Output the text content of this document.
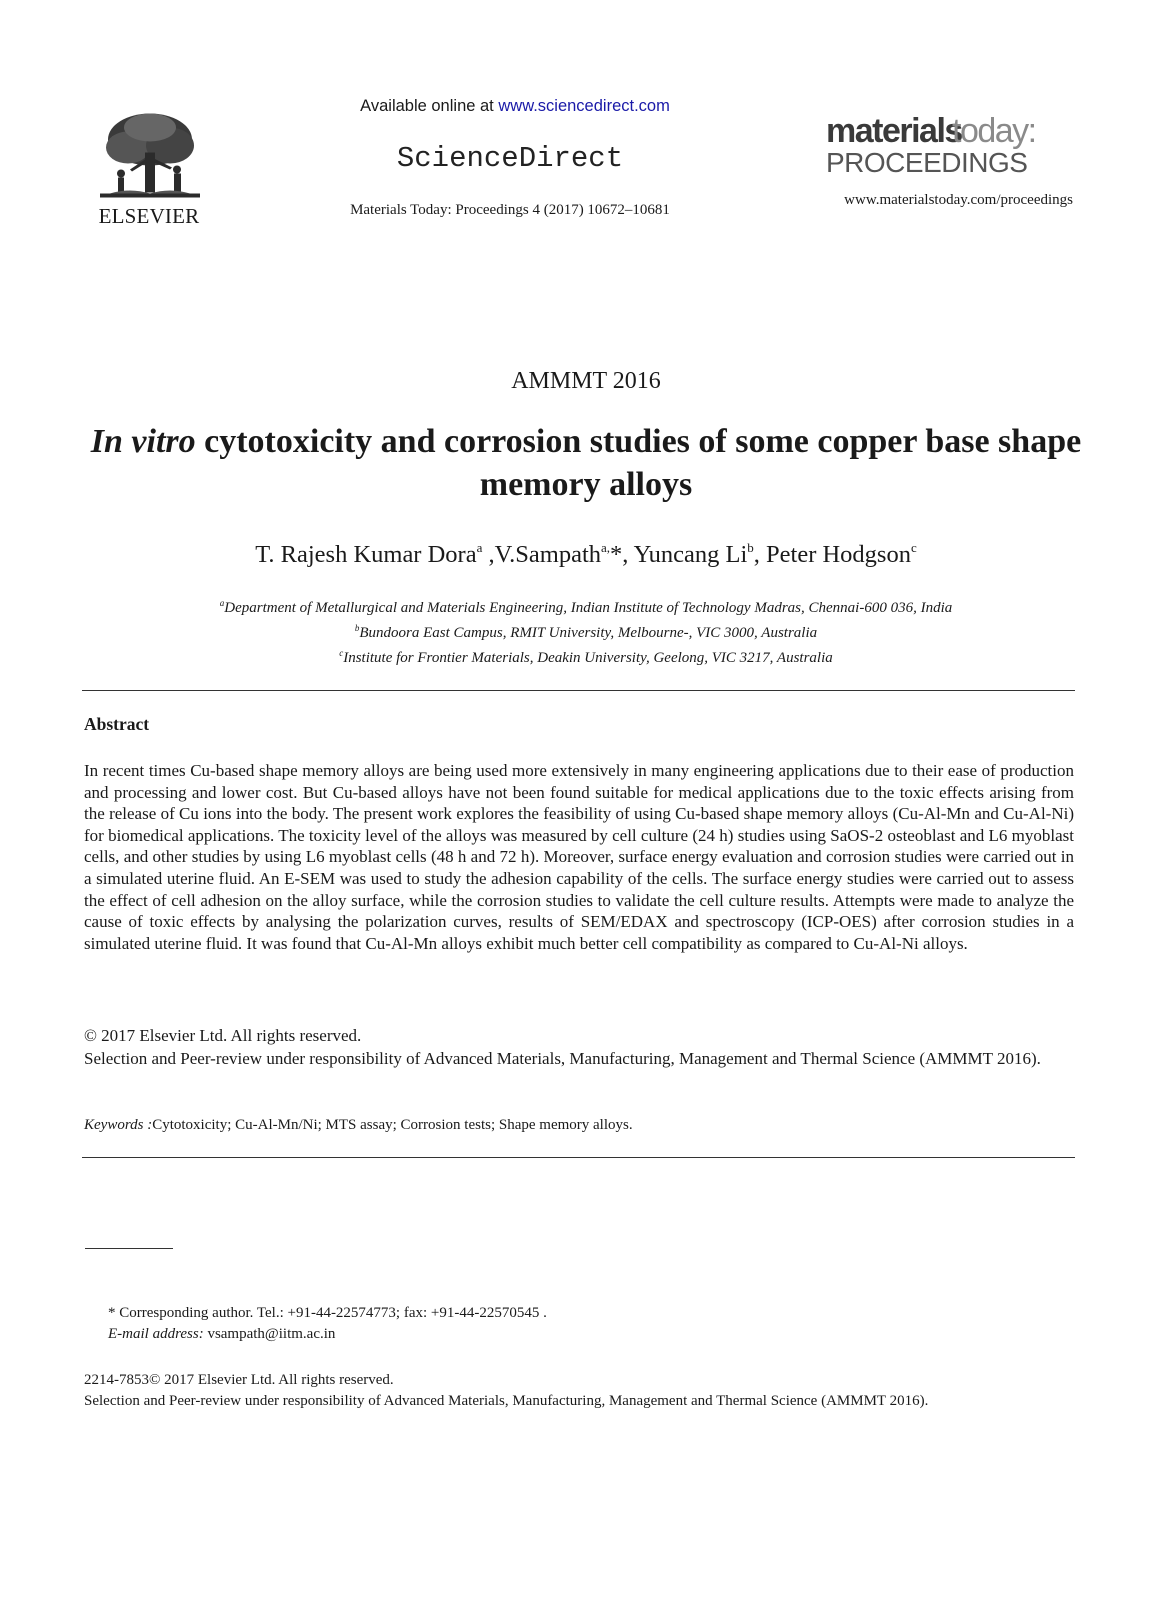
ELSEVIER
Available online at www.sciencedirect.com
ScienceDirect
Materials Today: Proceedings 4 (2017) 10672–10681
materials
today:
PROCEEDINGS
www.materialstoday.com/proceedings
AMMMT 2016
In vitro cytotoxicity and corrosion studies of some copper base shape memory alloys
T. Rajesh Kumar Dora$^a$ ,V.Sampath$^{a,}$*, Yuncang Li$^b$, Peter Hodgson$^c$
$^a$Department of Metallurgical and Materials Engineering, Indian Institute of Technology Madras, Chennai-600 036, India
$^b$Bundoora East Campus, RMIT University, Melbourne-, VIC 3000, Australia
$^c$Institute for Frontier Materials, Deakin University, Geelong, VIC 3217, Australia
Abstract
In recent times Cu-based shape memory alloys are being used more extensively in many engineering applications due to their ease of production and processing and lower cost. But Cu-based alloys have not been found suitable for medical applications due to the toxic effects arising from the release of Cu ions into the body. The present work explores the feasibility of using Cu-based shape memory alloys (Cu-Al-Mn and Cu-Al-Ni) for biomedical applications. The toxicity level of the alloys was measured by cell culture (24 h) studies using SaOS-2 osteoblast and L6 myoblast cells, and other studies by using L6 myoblast cells (48 h and 72 h). Moreover, surface energy evaluation and corrosion studies were carried out in a simulated uterine fluid. An E-SEM was used to study the adhesion capability of the cells. The surface energy studies were carried out to assess the effect of cell adhesion on the alloy surface, while the corrosion studies to validate the cell culture results. Attempts were made to analyze the cause of toxic effects by analysing the polarization curves, results of SEM/EDAX and spectroscopy (ICP-OES) after corrosion studies in a simulated uterine fluid. It was found that Cu-Al-Mn alloys exhibit much better cell compatibility as compared to Cu-Al-Ni alloys.
© 2017 Elsevier Ltd. All rights reserved.
Selection and Peer-review under responsibility of Advanced Materials, Manufacturing, Management and Thermal Science (AMMMT 2016).
Keywords :Cytotoxicity; Cu-Al-Mn/Ni; MTS assay; Corrosion tests; Shape memory alloys.
* Corresponding author. Tel.: +91-44-22574773; fax: +91-44-22570545 .
E-mail address: vsampath@iitm.ac.in
2214-7853© 2017 Elsevier Ltd. All rights reserved.
Selection and Peer-review under responsibility of Advanced Materials, Manufacturing, Management and Thermal Science (AMMMT 2016).
